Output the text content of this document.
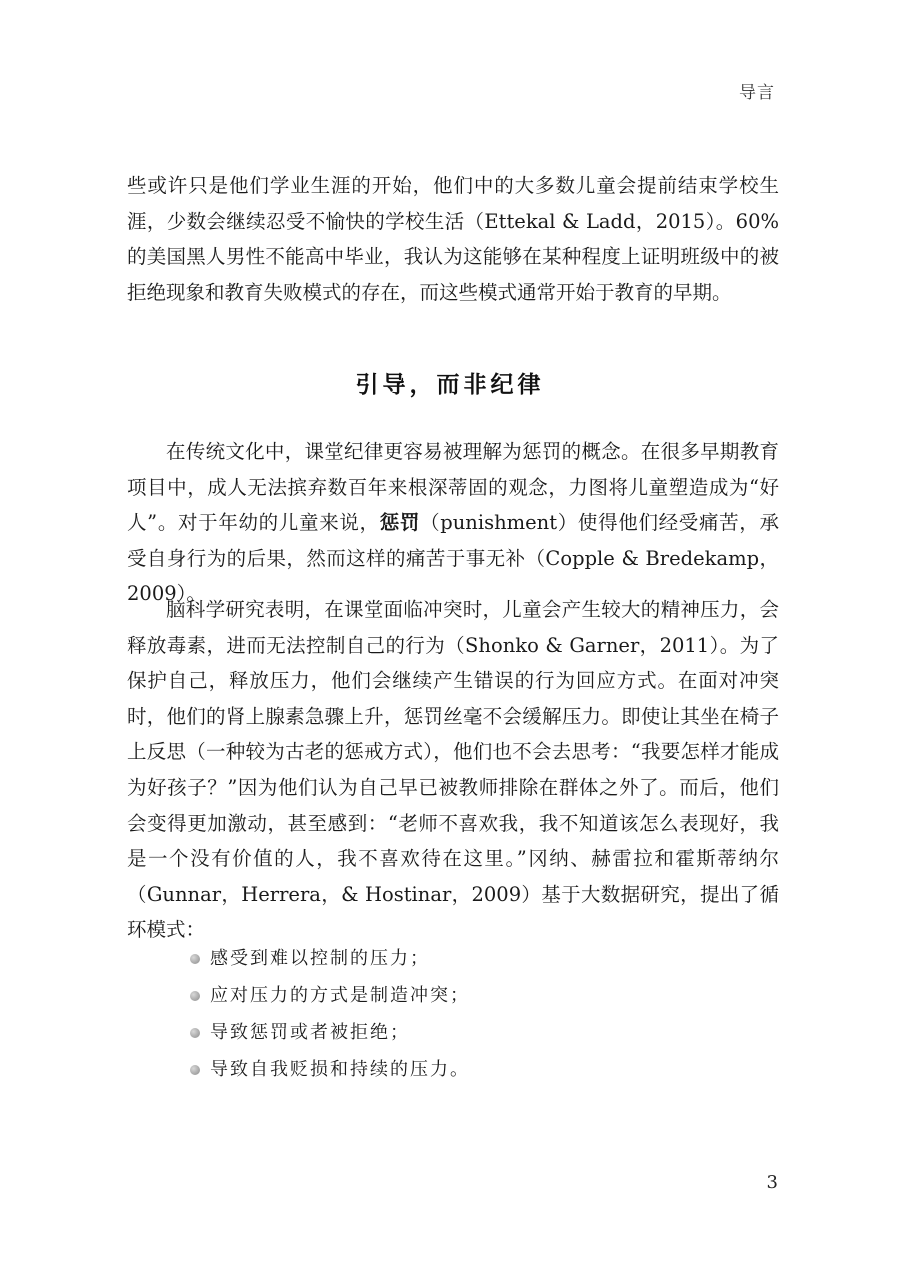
导言

些或许只是他们学业生涯的开始，他们中的大多数儿童会提前结束学校生涯，少数会继续忍受不愉快的学校生活（Ettekal & Ladd，2015）。60% 的美国黑人男性不能高中毕业，我认为这能够在某种程度上证明班级中的被拒绝现象和教育失败模式的存在，而这些模式通常开始于教育的早期。

引导，而非纪律

在传统文化中，课堂纪律更容易被理解为惩罚的概念。在很多早期教育项目中，成人无法摈弃数百年来根深蒂固的观念，力图将儿童塑造成为“好人”。对于年幼的儿童来说，惩罚（punishment）使得他们经受痛苦，承受自身行为的后果，然而这样的痛苦于事无补（Copple & Bredekamp，2009）。

脑科学研究表明，在课堂面临冲突时，儿童会产生较大的精神压力，会释放毒素，进而无法控制自己的行为（Shonko & Garner，2011）。为了保护自己，释放压力，他们会继续产生错误的行为回应方式。在面对冲突时，他们的肾上腺素急骤上升，惩罚丝毫不会缓解压力。即使让其坐在椅子上反思（一种较为古老的惩戒方式），他们也不会去思考：“我要怎样才能成为好孩子？”因为他们认为自己早已被教师排除在群体之外了。而后，他们会变得更加激动，甚至感到：“老师不喜欢我，我不知道该怎么表现好，我是一个没有价值的人，我不喜欢待在这里。”冈纳、赫雷拉和霍斯蒂纳尔（Gunnar，Herrera，& Hostinar，2009）基于大数据研究，提出了循环模式：

感受到难以控制的压力；
应对压力的方式是制造冲突；
导致惩罚或者被拒绝；
导致自我贬损和持续的压力。
3
